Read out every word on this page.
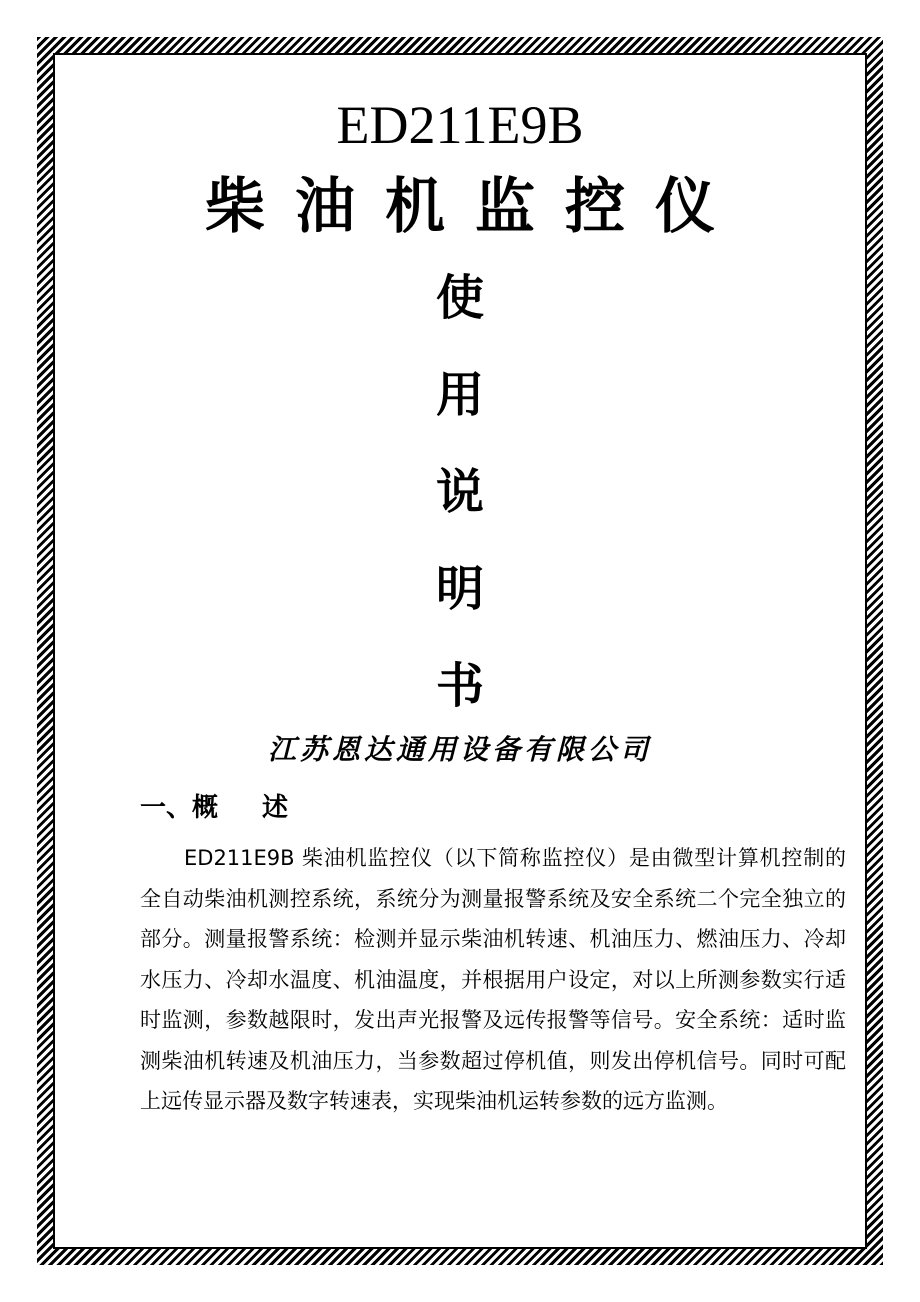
ED211E9B
柴油机监控仪
使
用
说
明
书
江苏恩达通用设备有限公司
一、概 述
ED211E9B 柴油机监控仪（以下简称监控仪）是由微型计算机控制的全自动柴油机测控系统，系统分为测量报警系统及安全系统二个完全独立的部分。测量报警系统：检测并显示柴油机转速、机油压力、燃油压力、冷却水压力、冷却水温度、机油温度，并根据用户设定，对以上所测参数实行适时监测，参数越限时，发出声光报警及远传报警等信号。安全系统：适时监测柴油机转速及机油压力，当参数超过停机值，则发出停机信号。同时可配上远传显示器及数字转速表，实现柴油机运转参数的远方监测。
